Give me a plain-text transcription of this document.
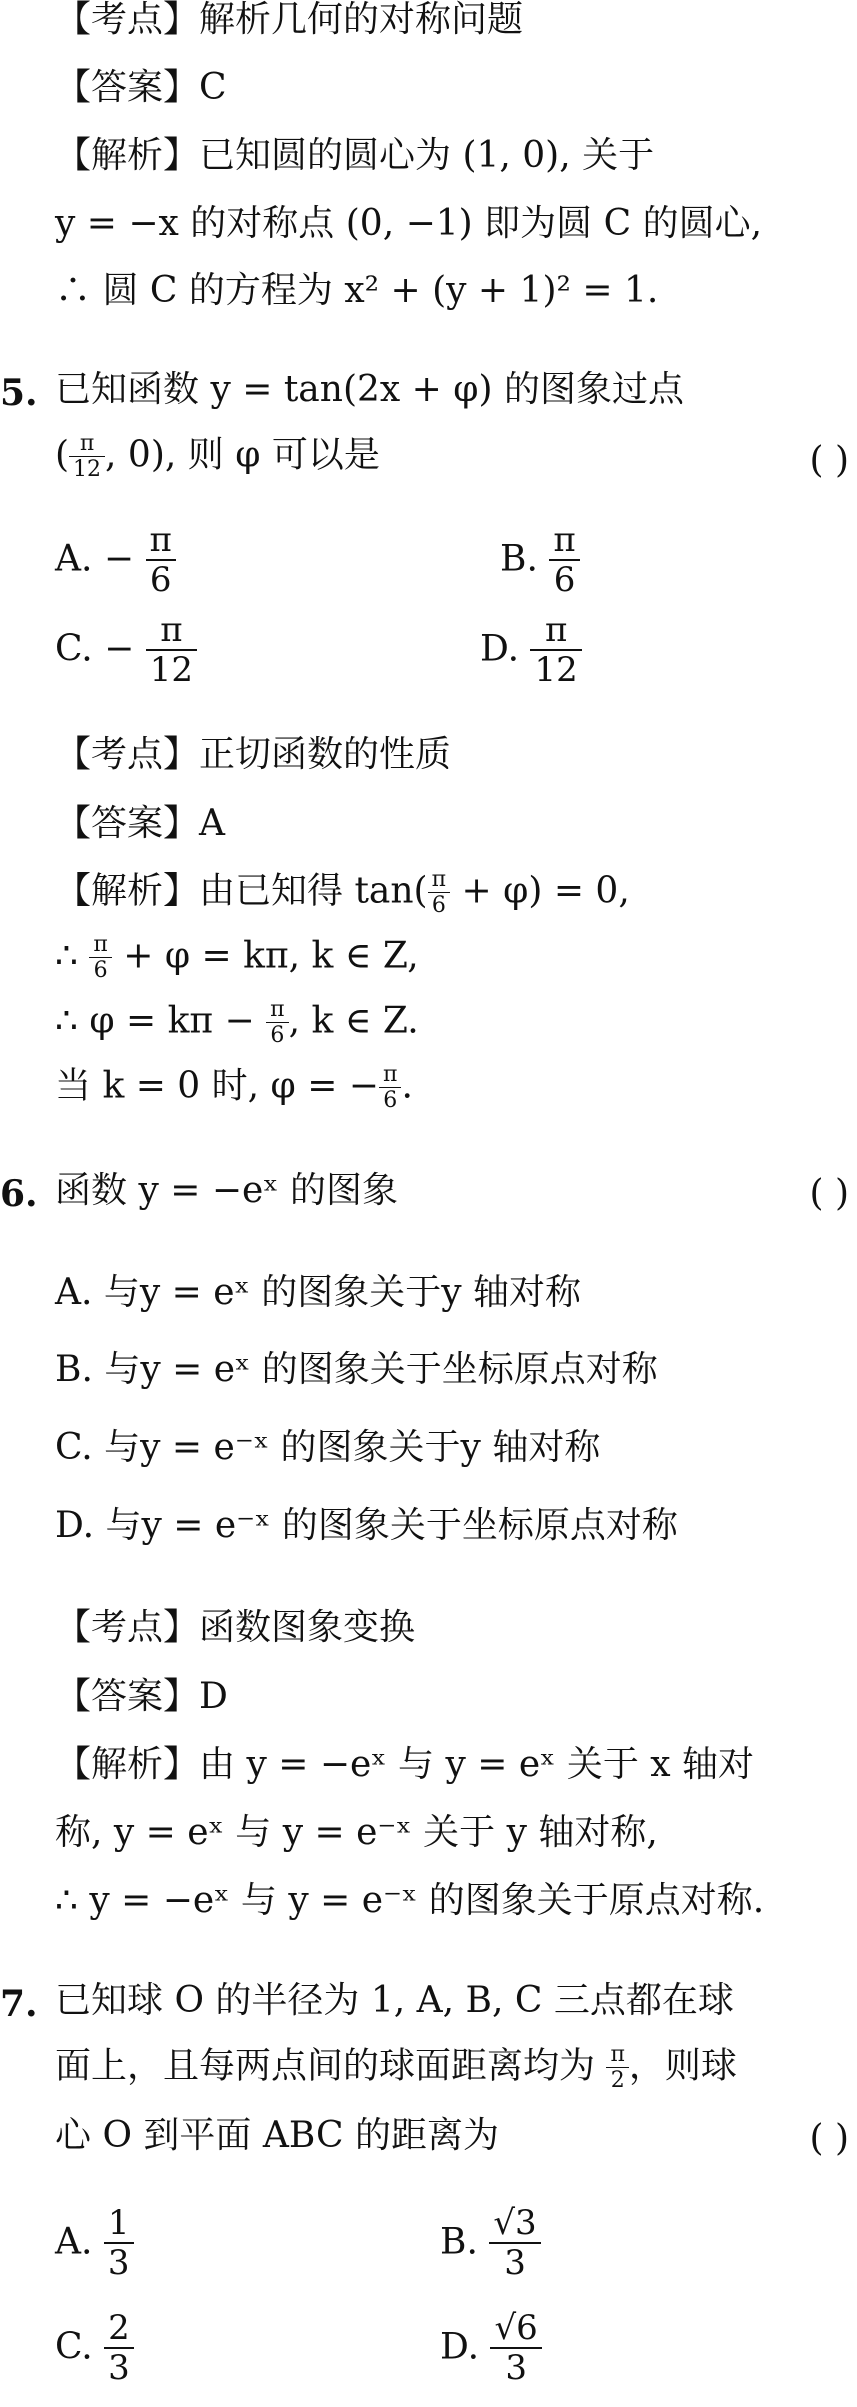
【考点】解析几何的对称问题
【答案】C
【解析】已知圆的圆心为 (1, 0), 关于
y = −x 的对称点 (0, −1) 即为圆 C 的圆心,
∴ 圆 C 的方程为 x² + (y + 1)² = 1.
5. 已知函数 y = tan(2x + φ) 的图象过点
( $\frac{\pi}{12}$ , 0), 则 φ 可以是	( )
A. − $\frac{\pi}{6}$	B. $\frac{\pi}{6}$
C. − $\frac{\pi}{12}$	D. $\frac{\pi}{12}$
【考点】正切函数的性质
【答案】A
【解析】由已知得 $\tan( \frac{\pi}{6} + \varphi) = 0$,
∴ $\frac{\pi}{6} + \varphi = k\pi$, k ∈ Z,
∴ $\varphi = k\pi - \frac{\pi}{6}$ , k ∈ Z.
当 k = 0 时, φ = − $\frac{\pi}{6}$ .
6. 函数 y = −eˣ 的图象	( )
A. 与y = eˣ 的图象关于y 轴对称
B. 与y = eˣ 的图象关于坐标原点对称
C. 与y = e⁻ˣ 的图象关于y 轴对称
D. 与y = e⁻ˣ 的图象关于坐标原点对称
【考点】函数图象变换
【答案】D
【解析】由 y = −eˣ 与 y = eˣ 关于 x 轴对
称, y = eˣ 与 y = e⁻ˣ 关于 y 轴对称,
∴ y = −eˣ 与 y = e⁻ˣ 的图象关于原点对称.
7. 已知球 O 的半径为 1, A, B, C 三点都在球
面上，且每两点间的球面距离均为 $\frac{\pi}{2}$ ，则球
心 O 到平面 ABC 的距离为	( )
A. $\frac{1}{3}$	B. $\frac{√3}{3}$
C. $\frac{2}{3}$	D. $\frac{√6}{3}$
